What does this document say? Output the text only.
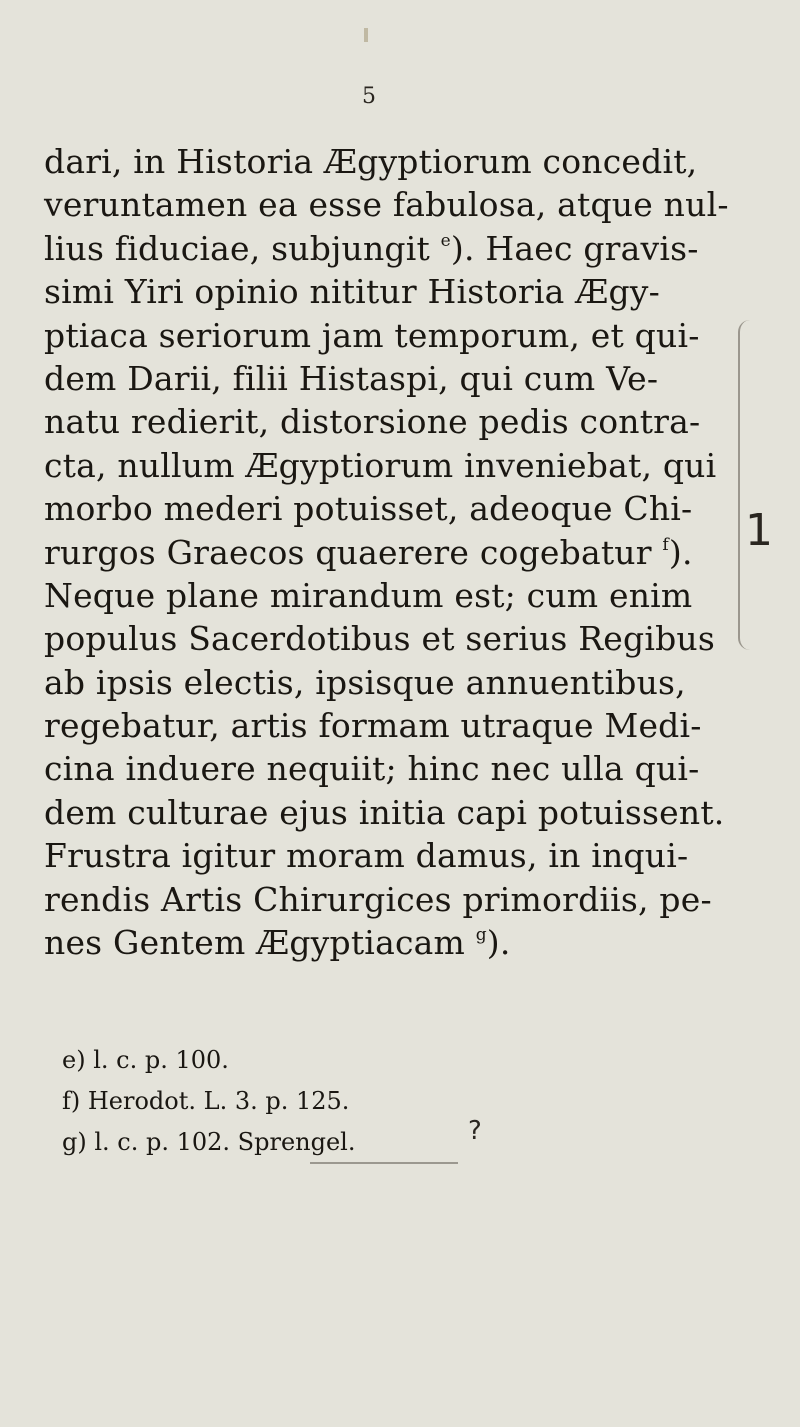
5
dari, in Historia Ægyptiorum concedit,
veruntamen ea esse fabulosa, atque nul-
lius fiduciae, subjungit $^e$). Haec gravis-
simi Yiri opinio nititur Historia Ægy-
ptiaca seriorum jam temporum, et qui-
dem Darii, filii Histaspi, qui cum Ve-
natu redierit, distorsione pedis contra-
cta, nullum Ægyptiorum inveniebat, qui
morbo mederi potuisset, adeoque Chi-
rurgos Graecos quaerere cogebatur $^f$).
Neque plane mirandum est; cum enim
populus Sacerdotibus et serius Regibus
ab ipsis electis, ipsisque annuentibus,
regebatur, artis formam utraque Medi-
cina induere nequiit; hinc nec ulla qui-
dem culturae ejus initia capi potuissent.
Frustra igitur moram damus, in inqui-
rendis Artis Chirurgices primordiis, pe-
nes Gentem Ægyptiacam $^g$).
1
e) l. c. p. 100.
f) Herodot. L. 3. p. 125.
g) l. c. p. 102. Sprengel.	?
